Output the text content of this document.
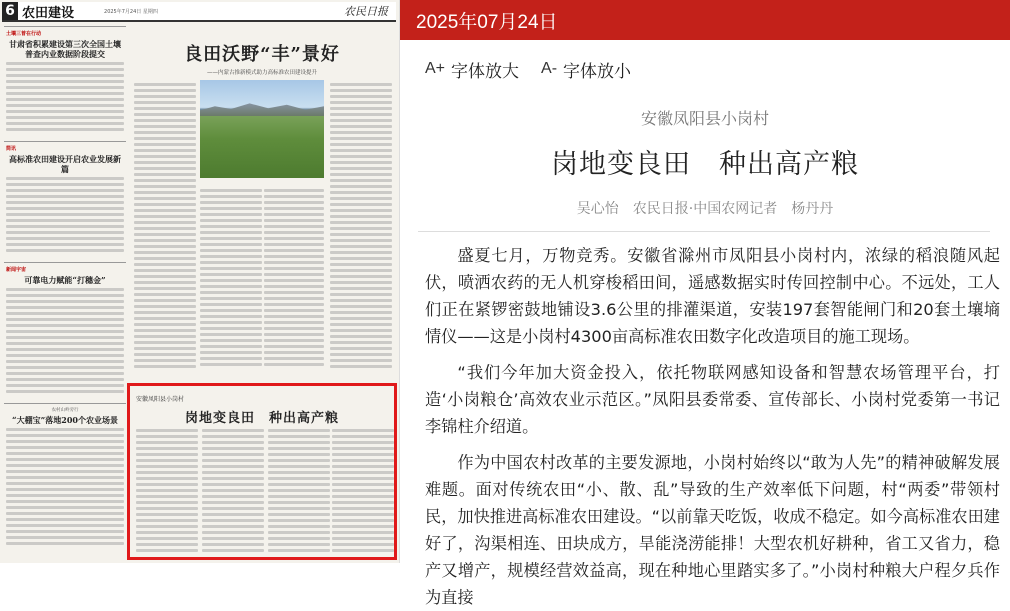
6 农田建设	2025年7月24日 星期四	农民日报
土壤三普在行动
甘肃省积累建设第三次全国土壤普查内业数据阶段提交
简讯
高标准农田建设开启农业发展新篇
新闻宇宙
可靠电力赋能“打穗金”
农村山岭旁行
“大棚宝”落地200个农业场景
良田沃野“丰”景好
——内蒙古推新模式助力高标准农田建设提升
安徽凤阳县小岗村
岗地变良田　种出高产粮
2025年07月24日
A+ 字体放大 A- 字体放小
安徽凤阳县小岗村
岗地变良田　种出高产粮
吴心怡　农民日报·中国农网记者　杨丹丹

盛夏七月，万物竞秀。安徽省滁州市凤阳县小岗村内，浓绿的稻浪随风起伏，喷洒农药的无人机穿梭稻田间，遥感数据实时传回控制中心。不远处，工人们正在紧锣密鼓地铺设3.6公里的排灌渠道，安装197套智能闸门和20套土壤墒情仪——这是小岗村4300亩高标准农田数字化改造项目的施工现场。

“我们今年加大资金投入，依托物联网感知设备和智慧农场管理平台，打造‘小岗粮仓’高效农业示范区。”凤阳县委常委、宣传部长、小岗村党委第一书记李锦柱介绍道。

作为中国农村改革的主要发源地，小岗村始终以“敢为人先”的精神破解发展难题。面对传统农田“小、散、乱”导致的生产效率低下问题，村“两委”带领村民，加快推进高标准农田建设。“以前靠天吃饭，收成不稳定。如今高标准农田建好了，沟渠相连、田块成方，旱能浇涝能排！大型农机好耕种，省工又省力，稳产又增产，规模经营效益高，现在种地心里踏实多了。”小岗村种粮大户程夕兵作为直接
